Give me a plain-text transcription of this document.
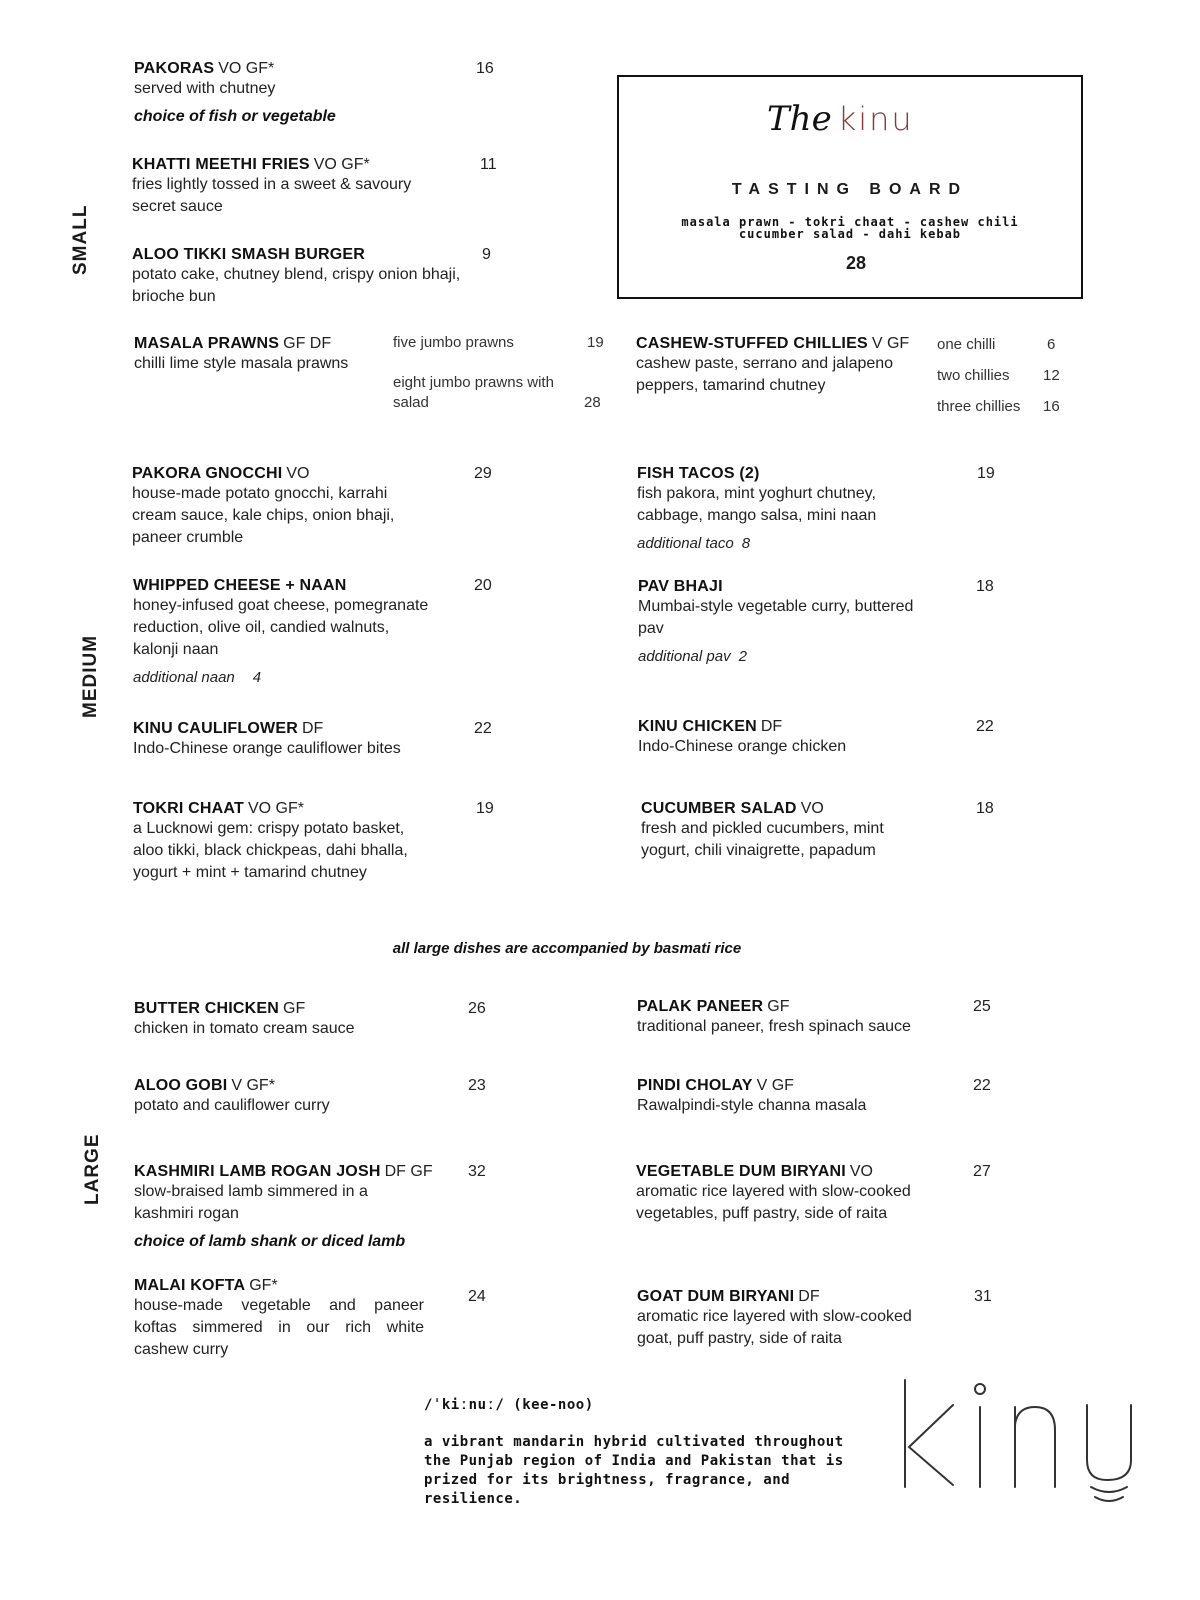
SMALL
MEDIUM
LARGE
PAKORAS VO GF*
served with chutney
choice of fish or vegetable
16
KHATTI MEETHI FRIES VO GF*
fries lightly tossed in a sweet & savoury secret sauce
11
ALOO TIKKI SMASH BURGER
potato cake, chutney blend, crispy onion bhaji, brioche bun
9
The kinu
TASTING BOARD
masala prawn - tokri chaat - cashew chili
cucumber salad - dahi kebab
28
MASALA PRAWNS GF DF
chilli lime style masala prawns
five jumbo prawns	19
eight jumbo prawns with salad	28
CASHEW-STUFFED CHILLIES V GF
cashew paste, serrano and jalapeno peppers, tamarind chutney
one chilli	6
two chillies 12
three chillies 16
PAKORA GNOCCHI VO
house-made potato gnocchi, karrahi cream sauce, kale chips, onion bhaji, paneer crumble
29	FISH TACOS (2)
fish pakora, mint yoghurt chutney, cabbage, mango salsa, mini naan
additional taco 8
19
WHIPPED CHEESE + NAAN
honey-infused goat cheese, pomegranate reduction, olive oil, candied walnuts, kalonji naan
additional naan 4
20	PAV BHAJI
Mumbai-style vegetable curry, buttered pav
additional pav 2
18
KINU CAULIFLOWER DF
Indo-Chinese orange cauliflower bites
22	KINU CHICKEN DF
Indo-Chinese orange chicken
22
TOKRI CHAAT VO GF*
a Lucknowi gem: crispy potato basket, aloo tikki, black chickpeas, dahi bhalla, yogurt + mint + tamarind chutney
19	CUCUMBER SALAD VO
fresh and pickled cucumbers, mint yogurt, chili vinaigrette, papadum
18
all large dishes are accompanied by basmati rice
BUTTER CHICKEN GF
chicken in tomato cream sauce
26	PALAK PANEER GF
traditional paneer, fresh spinach sauce
25
ALOO GOBI V GF*
potato and cauliflower curry
23	PINDI CHOLAY V GF
Rawalpindi-style channa masala
22
KASHMIRI LAMB ROGAN JOSH DF GF
slow-braised lamb simmered in a kashmiri rogan
choice of lamb shank or diced lamb
32	VEGETABLE DUM BIRYANI VO
aromatic rice layered with slow-cooked vegetables, puff pastry, side of raita
27
MALAI KOFTA GF*
house-made vegetable and paneer koftas simmered in our rich white cashew curry
24	GOAT DUM BIRYANI DF
aromatic rice layered with slow-cooked goat, puff pastry, side of raita
31
/ˈkiːnuː/ (kee-noo)
a vibrant mandarin hybrid cultivated throughout the Punjab region of India and Pakistan that is prized for its brightness, fragrance, and resilience.
